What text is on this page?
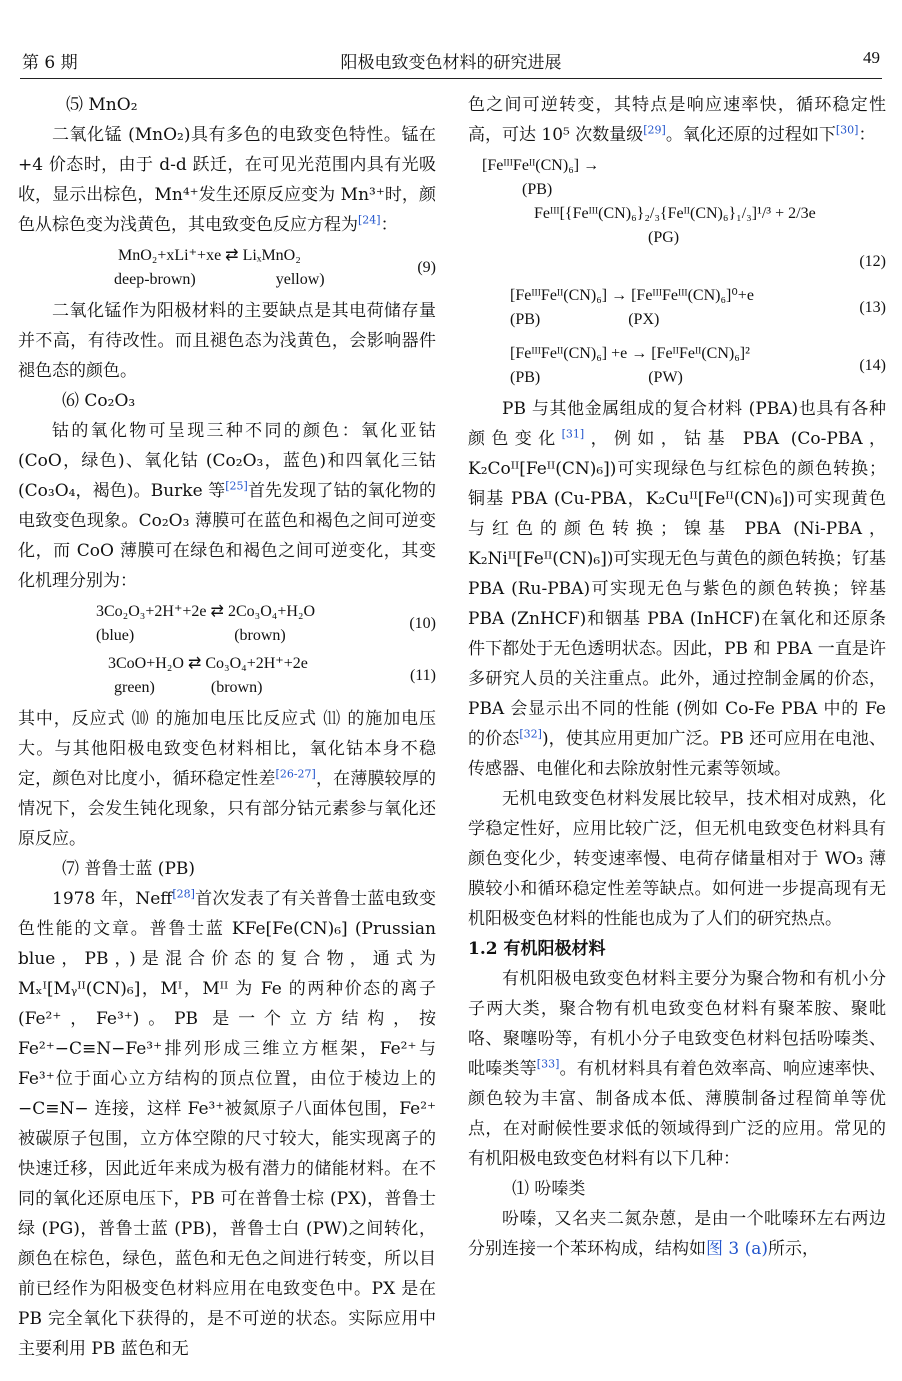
第 6 期	阳极电致变色材料的研究进展	49

⑸ MnO₂

二氧化锰 (MnO₂)具有多色的电致变色特性。锰在+4 价态时，由于 d-d 跃迁，在可见光范围内具有光吸收，显示出棕色，Mn⁴⁺发生还原反应变为 Mn³⁺时，颜色从棕色变为浅黄色，其电致变色反应方程为[24]：

MnO₂+xLi⁺+xe ⇄ LiₓMnO₂
deep-brown)                    yellow)
(9)

二氧化锰作为阳极材料的主要缺点是其电荷储存量并不高，有待改性。而且褪色态为浅黄色，会影响器件褪色态的颜色。

⑹ Co₂O₃

钴的氧化物可呈现三种不同的颜色：氧化亚钴 (CoO，绿色)、氧化钴 (Co₂O₃，蓝色)和四氧化三钴 (Co₃O₄，褐色)。Burke 等[25]首先发现了钴的氧化物的电致变色现象。Co₂O₃ 薄膜可在蓝色和褐色之间可逆变化，而 CoO 薄膜可在绿色和褐色之间可逆变化，其变化机理分别为：

3Co₂O₃+2H⁺+2e ⇄ 2Co₃O₄+H₂O
(blue)                         (brown)
(10)
3CoO+H₂O ⇄ Co₃O₄+2H⁺+2e
green)              (brown)
(11)

其中，反应式 ⑽ 的施加电压比反应式 ⑾ 的施加电压大。与其他阳极电致变色材料相比，氧化钴本身不稳定，颜色对比度小，循环稳定性差[26-27]，在薄膜较厚的情况下，会发生钝化现象，只有部分钴元素参与氧化还原反应。

⑺ 普鲁士蓝 (PB)

1978 年，Neff[28]首次发表了有关普鲁士蓝电致变色性能的文章。普鲁士蓝 KFe[Fe(CN)₆] (Prussian blue，PB，)是混合价态的复合物，通式为 Mₓᴵ[Mᵧᴵᴵ(CN)₆]，Mᴵ，Mᴵᴵ 为 Fe 的两种价态的离子 (Fe²⁺，Fe³⁺)。PB 是一个立方结构，按 Fe²⁺−C≡N−Fe³⁺排列形成三维立方框架，Fe²⁺与 Fe³⁺位于面心立方结构的顶点位置，由位于棱边上的 −C≡N− 连接，这样 Fe³⁺被氮原子八面体包围，Fe²⁺被碳原子包围，立方体空隙的尺寸较大，能实现离子的快速迁移，因此近年来成为极有潜力的储能材料。在不同的氧化还原电压下，PB 可在普鲁士棕 (PX)，普鲁士绿 (PG)，普鲁士蓝 (PB)，普鲁士白 (PW)之间转化，颜色在棕色，绿色，蓝色和无色之间进行转变，所以目前已经作为阳极变色材料应用在电致变色中。PX 是在 PB 完全氧化下获得的，是不可逆的状态。实际应用中主要利用 PB 蓝色和无

色之间可逆转变，其特点是响应速率快，循环稳定性高，可达 10⁵ 次数量级[29]。氧化还原的过程如下[30]：

[FeᴵᴵᴵFeᴵᴵ(CN)₆] →
(PB)
Feᴵᴵᴵ[{Feᴵᴵᴵ(CN)₆}₂/₃{Feᴵᴵ(CN)₆}₁/₃]¹/³ + 2/3e
(PG)
(12)
[FeᴵᴵᴵFeᴵᴵ(CN)₆] → [FeᴵᴵᴵFeᴵᴵᴵ(CN)₆]⁰+e
(PB)                      (PX)
(13)
[FeᴵᴵᴵFeᴵᴵ(CN)₆] +e → [FeᴵᴵFeᴵᴵ(CN)₆]²
(PB)                           (PW)
(14)

PB 与其他金属组成的复合材料 (PBA)也具有各种颜色变化[31]，例如，钴基 PBA (Co-PBA，K₂Coᴵᴵ[Feᴵᴵ(CN)₆])可实现绿色与红棕色的颜色转换；铜基 PBA (Cu-PBA，K₂Cuᴵᴵ[Feᴵᴵ(CN)₆])可实现黄色与红色的颜色转换；镍基 PBA (Ni-PBA，K₂Niᴵᴵ[Feᴵᴵ(CN)₆])可实现无色与黄色的颜色转换；钌基 PBA (Ru-PBA)可实现无色与紫色的颜色转换；锌基 PBA (ZnHCF)和铟基 PBA (InHCF)在氧化和还原条件下都处于无色透明状态。因此，PB 和 PBA 一直是许多研究人员的关注重点。此外，通过控制金属的价态，PBA 会显示出不同的性能 (例如 Co-Fe PBA 中的 Fe 的价态[32])，使其应用更加广泛。PB 还可应用在电池、传感器、电催化和去除放射性元素等领域。

无机电致变色材料发展比较早，技术相对成熟，化学稳定性好，应用比较广泛，但无机电致变色材料具有颜色变化少，转变速率慢、电荷存储量相对于 WO₃ 薄膜较小和循环稳定性差等缺点。如何进一步提高现有无机阳极变色材料的性能也成为了人们的研究热点。

1.2 有机阳极材料

有机阳极电致变色材料主要分为聚合物和有机小分子两大类，聚合物有机电致变色材料有聚苯胺、聚吡咯、聚噻吩等，有机小分子电致变色材料包括吩嗪类、吡嗪类等[33]。有机材料具有着色效率高、响应速率快、颜色较为丰富、制备成本低、薄膜制备过程简单等优点，在对耐候性要求低的领域得到广泛的应用。常见的有机阳极电致变色材料有以下几种：

⑴ 吩嗪类

吩嗪，又名夹二氮杂蒽，是由一个吡嗪环左右两边分别连接一个苯环构成，结构如图 3 (a)所示，
